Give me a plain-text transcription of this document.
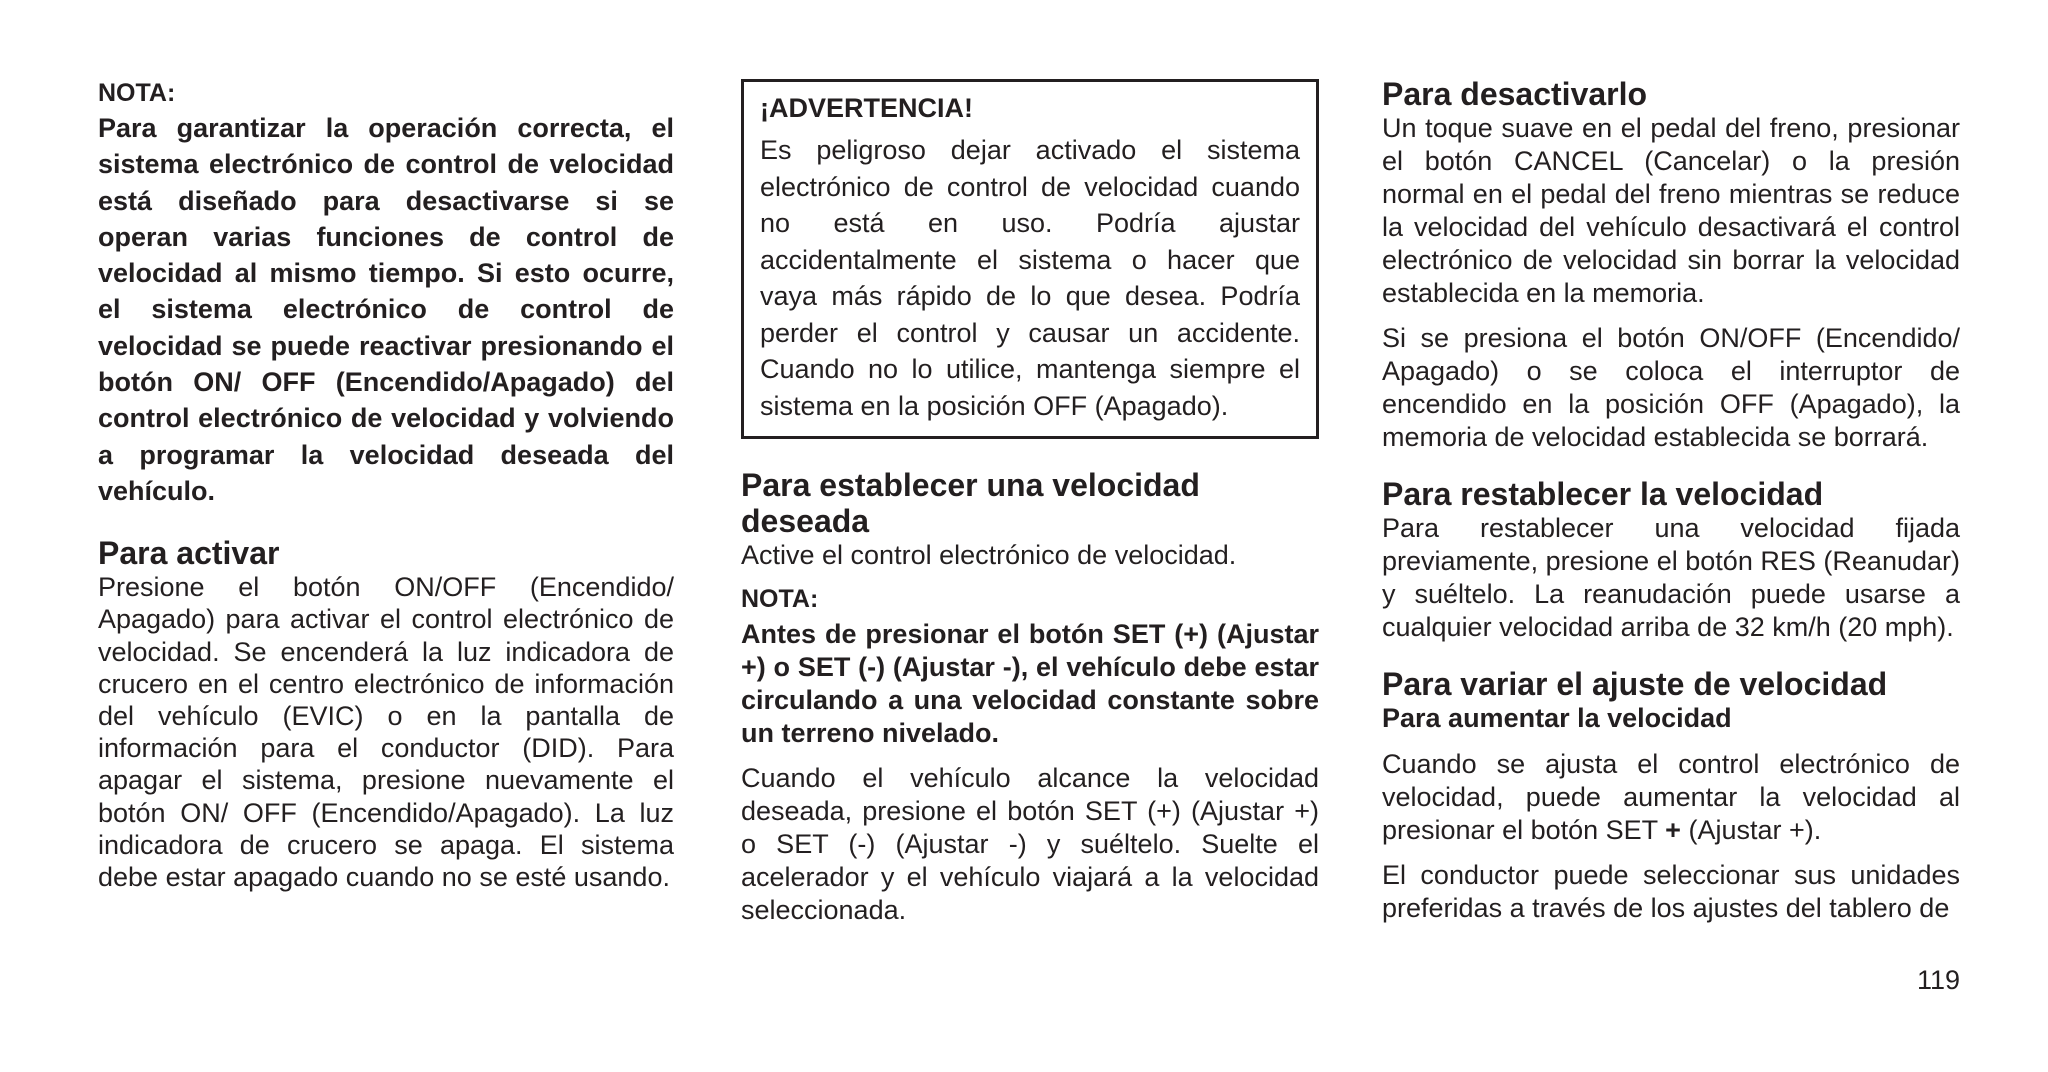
NOTA:

Para garantizar la operación correcta, el sistema electrónico de control de velocidad está diseñado para desactivarse si se operan varias funciones de control de velocidad al mismo tiempo. Si esto ocurre, el sistema electrónico de control de velocidad se puede reactivar presionando el botón ON/ OFF (Encendido/Apagado) del control electrónico de velocidad y volviendo a programar la velocidad deseada del vehículo.

Para activar

Presione el botón ON/OFF (Encendido/ Apagado) para activar el control electrónico de velocidad. Se encenderá la luz indicadora de crucero en el centro electrónico de información del vehículo (EVIC) o en la pantalla de información para el conductor (DID). Para apagar el sistema, presione nuevamente el botón ON/ OFF (Encendido/Apagado). La luz indicadora de crucero se apaga. El sistema debe estar apagado cuando no se esté usando.

¡ADVERTENCIA!

Es peligroso dejar activado el sistema electrónico de control de velocidad cuando no está en uso. Podría ajustar accidentalmente el sistema o hacer que vaya más rápido de lo que desea. Podría perder el control y causar un accidente. Cuando no lo utilice, mantenga siempre el sistema en la posición OFF (Apagado).

Para establecer una velocidad deseada

Active el control electrónico de velocidad.

NOTA:

Antes de presionar el botón SET (+) (Ajustar +) o SET (-) (Ajustar -), el vehículo debe estar circulando a una velocidad constante sobre un terreno nivelado.

Cuando el vehículo alcance la velocidad deseada, presione el botón SET (+) (Ajustar +) o SET (-) (Ajustar -) y suéltelo. Suelte el acelerador y el vehículo viajará a la velocidad seleccionada.

Para desactivarlo

Un toque suave en el pedal del freno, presionar el botón CANCEL (Cancelar) o la presión normal en el pedal del freno mientras se reduce la velocidad del vehículo desactivará el control electrónico de velocidad sin borrar la velocidad establecida en la memoria.

Si se presiona el botón ON/OFF (Encendido/ Apagado) o se coloca el interruptor de encendido en la posición OFF (Apagado), la memoria de velocidad establecida se borrará.

Para restablecer la velocidad

Para restablecer una velocidad fijada previamente, presione el botón RES (Reanudar) y suéltelo. La reanudación puede usarse a cualquier velocidad arriba de 32 km/h (20 mph).

Para variar el ajuste de velocidad

Para aumentar la velocidad

Cuando se ajusta el control electrónico de velocidad, puede aumentar la velocidad al presionar el botón SET + (Ajustar +).

El conductor puede seleccionar sus unidades preferidas a través de los ajustes del tablero de

119
